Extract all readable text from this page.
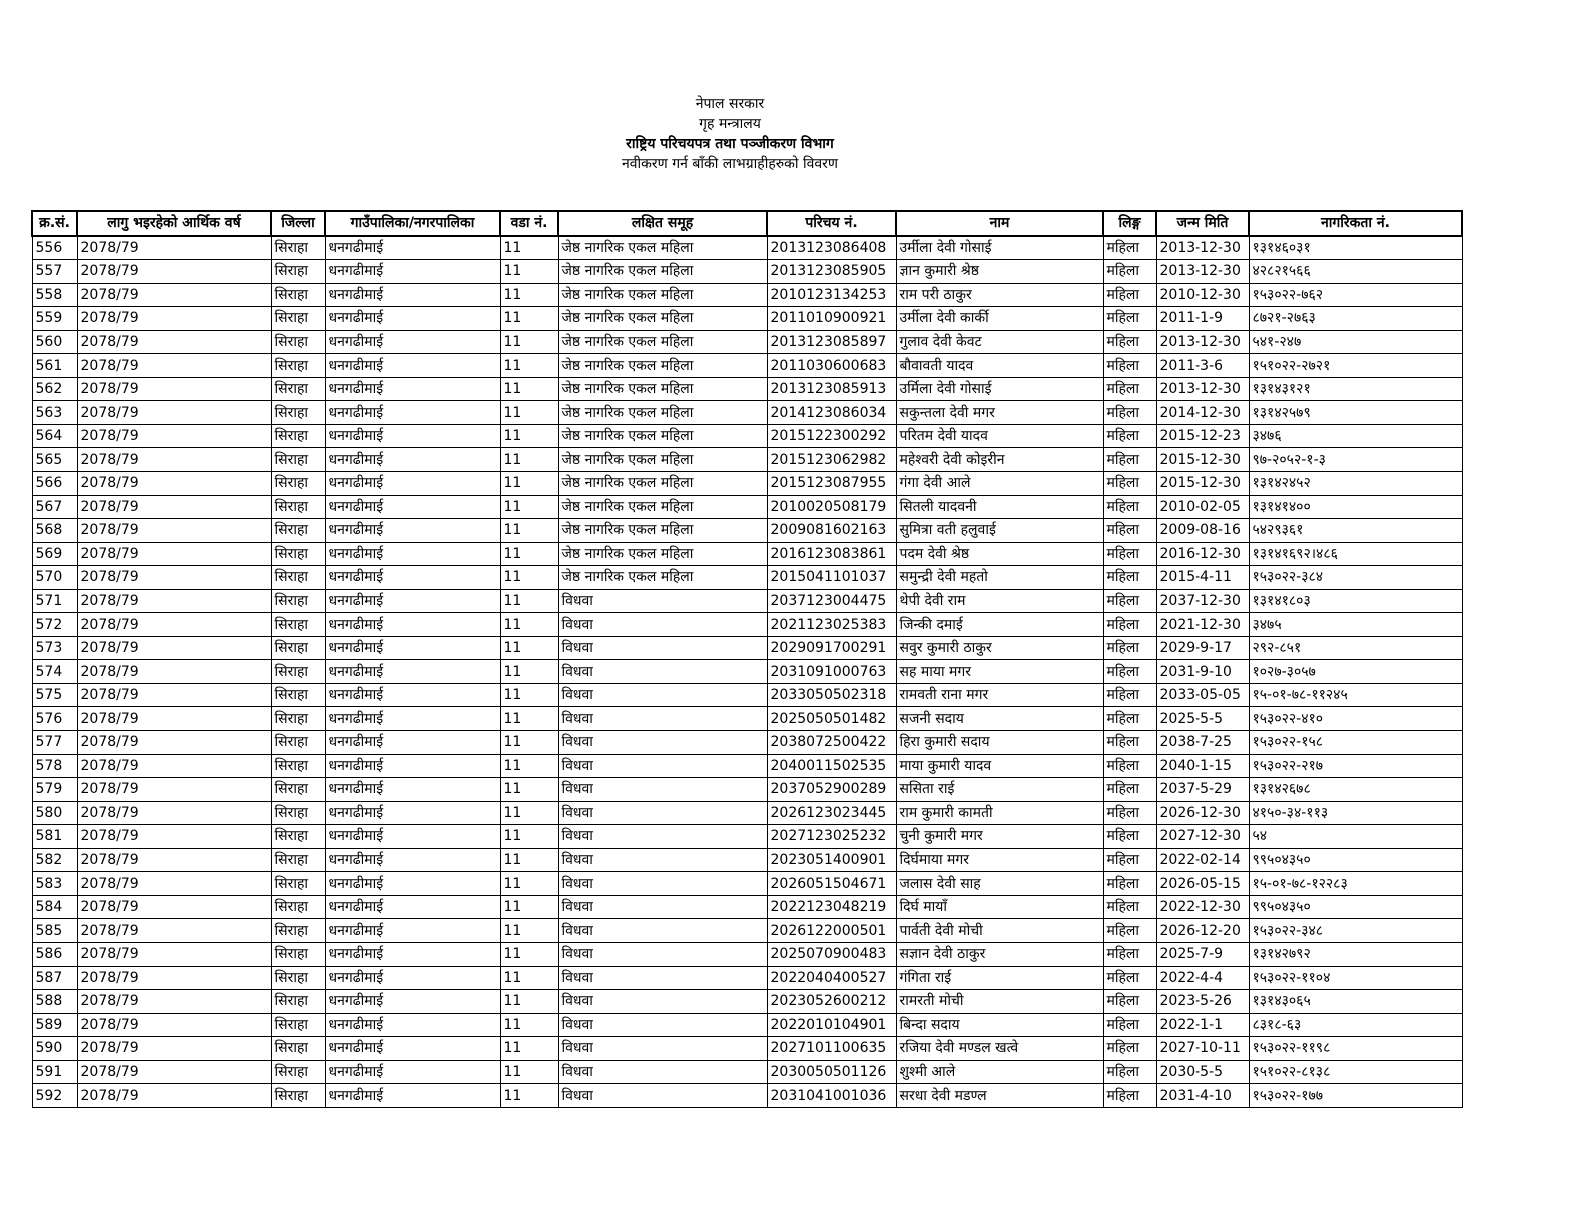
नेपाल सरकार
गृह मन्त्रालय
राष्ट्रिय परिचयपत्र तथा पञ्जीकरण विभाग
नवीकरण गर्न बाँकी लाभग्राहीहरुको विवरण
क्र.सं.	लागु भइरहेको आर्थिक वर्ष	जिल्ला	गाउँपालिका/नगरपालिका	वडा नं.	लक्षित समूह	परिचय नं.	नाम	लिङ्ग	जन्म मिति	नागरिकता नं.
556	2078/79	सिराहा	धनगढीमाई	11	जेष्ठ नागरिक एकल महिला	2013123086408	उर्मीला देवी गोसाई	महिला	2013-12-30	१३१४६०३१
557	2078/79	सिराहा	धनगढीमाई	11	जेष्ठ नागरिक एकल महिला	2013123085905	ज्ञान कुमारी श्रेष्ठ	महिला	2013-12-30	४२८२१५६६
558	2078/79	सिराहा	धनगढीमाई	11	जेष्ठ नागरिक एकल महिला	2010123134253	राम परी ठाकुर	महिला	2010-12-30	१५३०२२-७६२
559	2078/79	सिराहा	धनगढीमाई	11	जेष्ठ नागरिक एकल महिला	2011010900921	उर्मीला देवी कार्की	महिला	2011-1-9	८७२१-२७६३
560	2078/79	सिराहा	धनगढीमाई	11	जेष्ठ नागरिक एकल महिला	2013123085897	गुलाव देवी केवट	महिला	2013-12-30	५४१-२४७
561	2078/79	सिराहा	धनगढीमाई	11	जेष्ठ नागरिक एकल महिला	2011030600683	बौवावती यादव	महिला	2011-3-6	१५१०२२-२७२१
562	2078/79	सिराहा	धनगढीमाई	11	जेष्ठ नागरिक एकल महिला	2013123085913	उर्मिला देवी गोसाई	महिला	2013-12-30	१३१४३१२१
563	2078/79	सिराहा	धनगढीमाई	11	जेष्ठ नागरिक एकल महिला	2014123086034	सकुन्तला देवी मगर	महिला	2014-12-30	१३१४२५७९
564	2078/79	सिराहा	धनगढीमाई	11	जेष्ठ नागरिक एकल महिला	2015122300292	परितम देवी यादव	महिला	2015-12-23	३४७६
565	2078/79	सिराहा	धनगढीमाई	11	जेष्ठ नागरिक एकल महिला	2015123062982	महेश्वरी देवी कोइरीन	महिला	2015-12-30	९७-२०५२-१-३
566	2078/79	सिराहा	धनगढीमाई	11	जेष्ठ नागरिक एकल महिला	2015123087955	गंगा देवी आले	महिला	2015-12-30	१३१४२४५२
567	2078/79	सिराहा	धनगढीमाई	11	जेष्ठ नागरिक एकल महिला	2010020508179	सितली यादवनी	महिला	2010-02-05	१३१४१४००
568	2078/79	सिराहा	धनगढीमाई	11	जेष्ठ नागरिक एकल महिला	2009081602163	सुमित्रा वती हलुवाई	महिला	2009-08-16	५४२९३६१
569	2078/79	सिराहा	धनगढीमाई	11	जेष्ठ नागरिक एकल महिला	2016123083861	पदम देवी श्रेष्ठ	महिला	2016-12-30	१३१४१६९२।४८६
570	2078/79	सिराहा	धनगढीमाई	11	जेष्ठ नागरिक एकल महिला	2015041101037	समुन्द्री देवी महतो	महिला	2015-4-11	१५३०२२-३८४
571	2078/79	सिराहा	धनगढीमाई	11	विधवा	2037123004475	थेपी देवी राम	महिला	2037-12-30	१३१४१८०३
572	2078/79	सिराहा	धनगढीमाई	11	विधवा	2021123025383	जिन्की दमाई	महिला	2021-12-30	३४७५
573	2078/79	सिराहा	धनगढीमाई	11	विधवा	2029091700291	सवुर कुमारी ठाकुर	महिला	2029-9-17	२९२-८५१
574	2078/79	सिराहा	धनगढीमाई	11	विधवा	2031091000763	सह माया मगर	महिला	2031-9-10	१०२७-३०५७
575	2078/79	सिराहा	धनगढीमाई	11	विधवा	2033050502318	रामवती राना मगर	महिला	2033-05-05	१५-०१-७८-११२४५
576	2078/79	सिराहा	धनगढीमाई	11	विधवा	2025050501482	सजनी सदाय	महिला	2025-5-5	१५३०२२-४१०
577	2078/79	सिराहा	धनगढीमाई	11	विधवा	2038072500422	हिरा कुमारी सदाय	महिला	2038-7-25	१५३०२२-१५८
578	2078/79	सिराहा	धनगढीमाई	11	विधवा	2040011502535	माया कुमारी यादव	महिला	2040-1-15	१५३०२२-२१७
579	2078/79	सिराहा	धनगढीमाई	11	विधवा	2037052900289	ससिता राई	महिला	2037-5-29	१३१४२६७८
580	2078/79	सिराहा	धनगढीमाई	11	विधवा	2026123023445	राम कुमारी कामती	महिला	2026-12-30	४१५०-३४-११३
581	2078/79	सिराहा	धनगढीमाई	11	विधवा	2027123025232	चुनी कुमारी मगर	महिला	2027-12-30	५४
582	2078/79	सिराहा	धनगढीमाई	11	विधवा	2023051400901	दिर्घमाया मगर	महिला	2022-02-14	९९५०४३५०
583	2078/79	सिराहा	धनगढीमाई	11	विधवा	2026051504671	जलास देवी साह	महिला	2026-05-15	१५-०१-७८-१२२८३
584	2078/79	सिराहा	धनगढीमाई	11	विधवा	2022123048219	दिर्घ मायाँ	महिला	2022-12-30	९९५०४३५०
585	2078/79	सिराहा	धनगढीमाई	11	विधवा	2026122000501	पार्वती देवी मोची	महिला	2026-12-20	१५३०२२-३४८
586	2078/79	सिराहा	धनगढीमाई	11	विधवा	2025070900483	सज्ञान देवी ठाकुर	महिला	2025-7-9	१३१४२७९२
587	2078/79	सिराहा	धनगढीमाई	11	विधवा	2022040400527	गंगिता राई	महिला	2022-4-4	१५३०२२-११०४
588	2078/79	सिराहा	धनगढीमाई	11	विधवा	2023052600212	रामरती मोची	महिला	2023-5-26	१३१४३०६५
589	2078/79	सिराहा	धनगढीमाई	11	विधवा	2022010104901	बिन्दा सदाय	महिला	2022-1-1	८३१८-६३
590	2078/79	सिराहा	धनगढीमाई	11	विधवा	2027101100635	रजिया देवी मण्डल खत्वे	महिला	2027-10-11	१५३०२२-११९८
591	2078/79	सिराहा	धनगढीमाई	11	विधवा	2030050501126	शुश्मी आले	महिला	2030-5-5	१५१०२२-८१३८
592	2078/79	सिराहा	धनगढीमाई	11	विधवा	2031041001036	सरधा देवी मडण्ल	महिला	2031-4-10	१५३०२२-१७७
